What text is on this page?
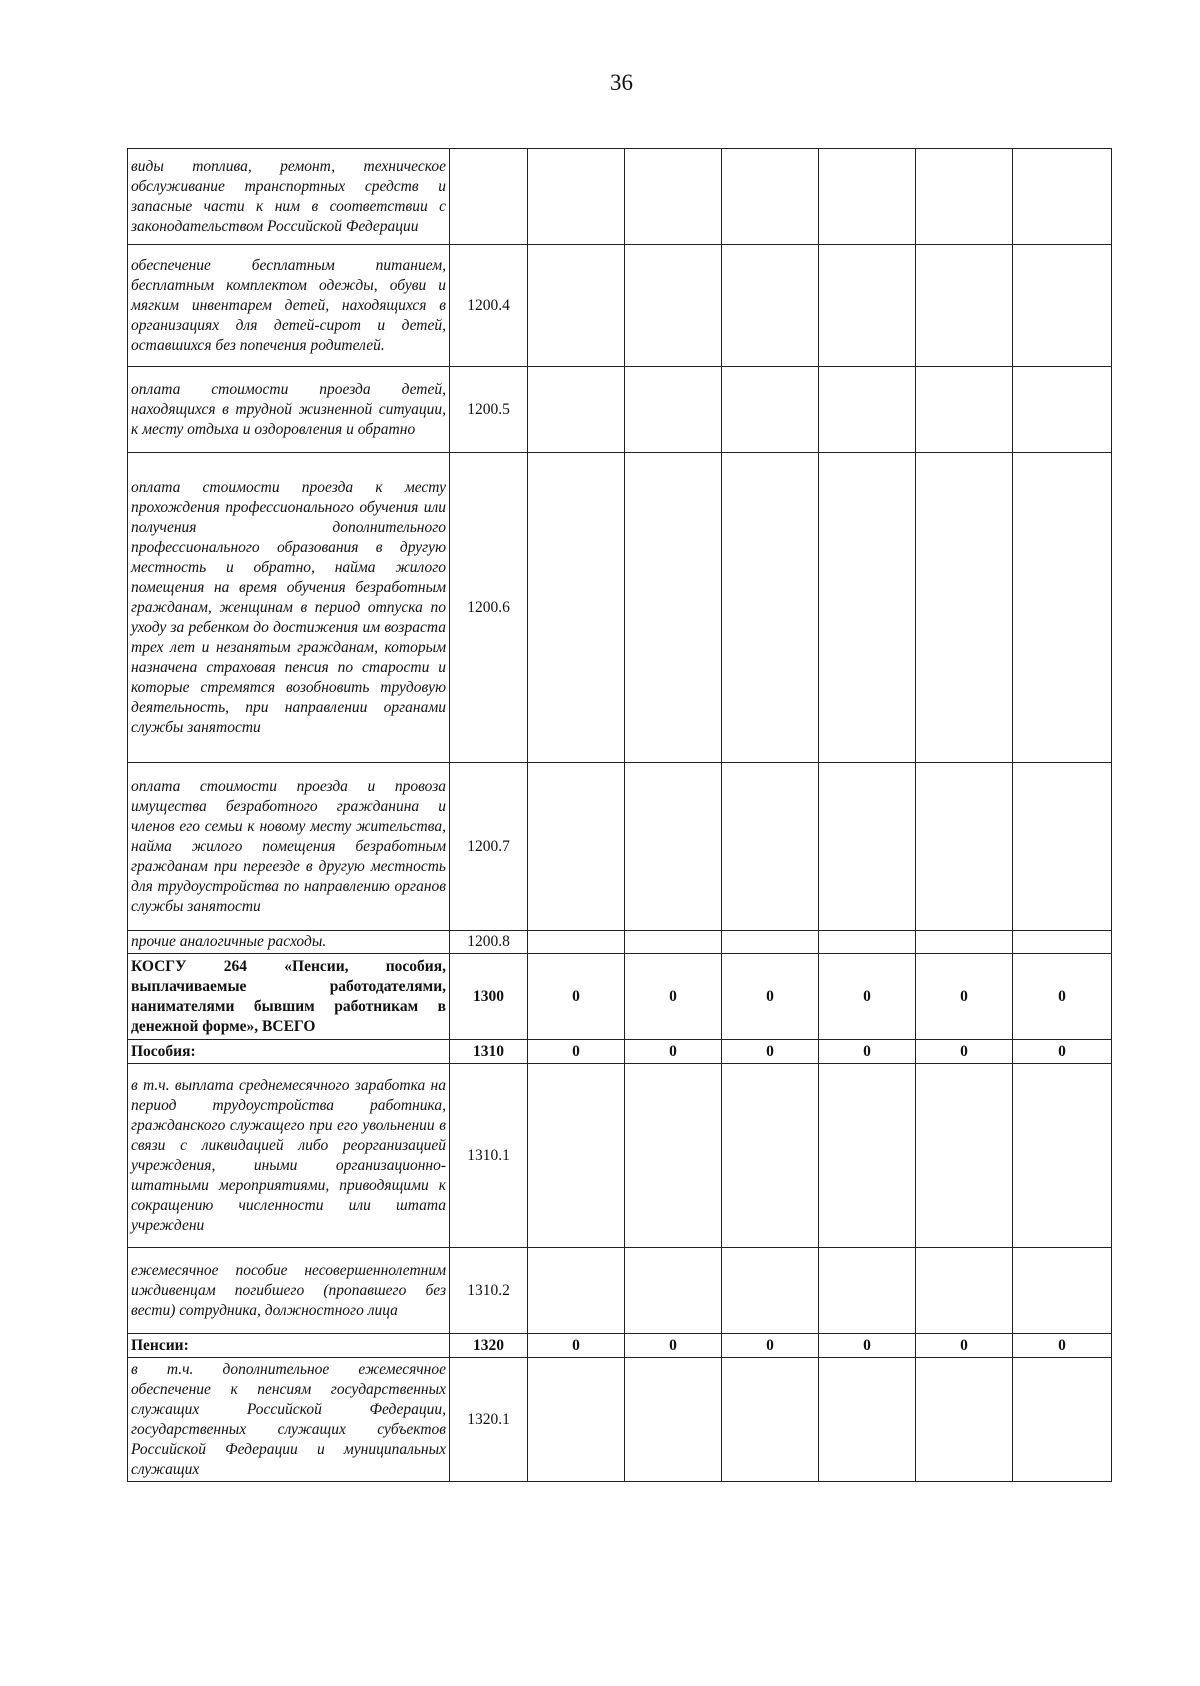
36
виды топлива, ремонт, техническое обслуживание транспортных средств и запасные части к ним в соответствии с законодательством Российской Федерации							
обеспечение бесплатным питанием, бесплатным комплектом одежды, обуви и мягким инвентарем детей, находящихся в организациях для детей-сирот и детей, оставшихся без попечения родителей.	1200.4						
оплата стоимости проезда детей, находящихся в трудной жизненной ситуации, к месту отдыха и оздоровления и обратно	1200.5						
оплата стоимости проезда к месту прохождения профессионального обучения или получения дополнительного профессионального образования в другую местность и обратно, найма жилого помещения на время обучения безработным гражданам, женщинам в период отпуска по уходу за ребенком до достижения им возраста трех лет и незанятым гражданам, которым назначена страховая пенсия по старости и которые стремятся возобновить трудовую деятельность, при направлении органами службы занятости	1200.6						
оплата стоимости проезда и провоза имущества безработного гражданина и членов его семьи к новому месту жительства, найма жилого помещения безработным гражданам при переезде в другую местность для трудоустройства по направлению органов службы занятости	1200.7						
прочие аналогичные расходы.	1200.8						
КОСГУ 264 «Пенсии, пособия, выплачиваемые работодателями, нанимателями бывшим работникам в денежной форме», ВСЕГО	1300	0	0	0	0	0	0
Пособия:	1310	0	0	0	0	0	0
в т.ч. выплата среднемесячного заработка на период трудоустройства работника, гражданского служащего при его увольнении в связи с ликвидацией либо реорганизацией учреждения, иными организационно-штатными мероприятиями, приводящими к сокращению численности или штата учреждени	1310.1						
ежемесячное пособие несовершеннолетним иждивенцам погибшего (пропавшего без вести) сотрудника, должностного лица	1310.2						
Пенсии:	1320	0	0	0	0	0	0
в т.ч. дополнительное ежемесячное обеспечение к пенсиям государственных служащих Российской Федерации, государственных служащих субъектов Российской Федерации и муниципальных служащих	1320.1						
